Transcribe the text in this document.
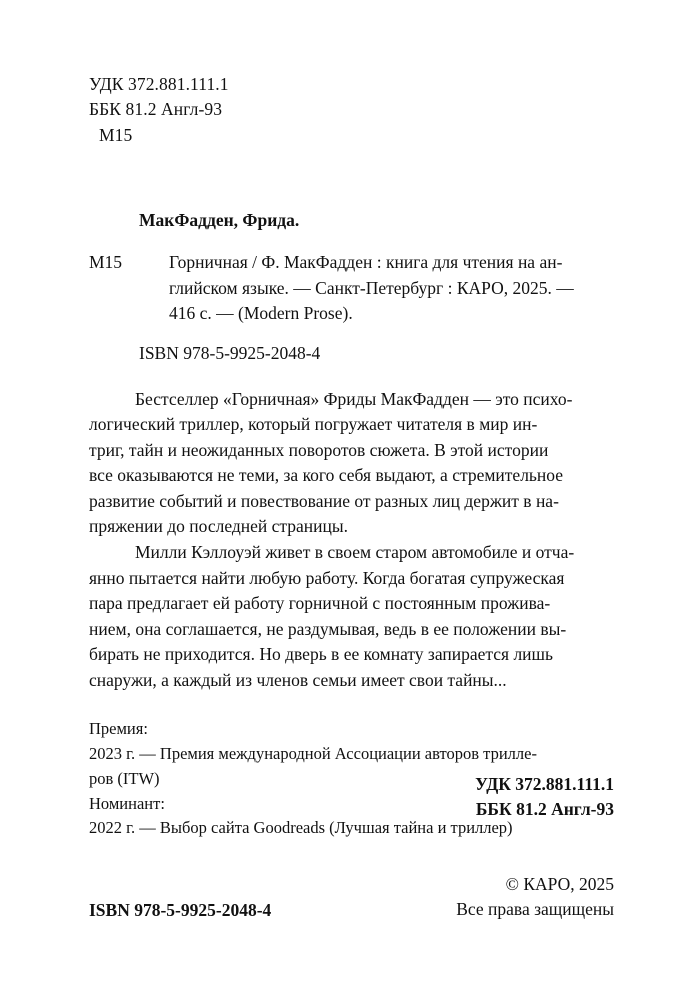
УДК 372.881.111.1
ББК 81.2 Англ-93
М15
МакФадден, Фрида.
М15	Горничная / Ф. МакФадден : книга для чтения на ан-
глийском языке. — Санкт-Петербург : КАРО, 2025. —
416 с. — (Modern Prose).
ISBN 978-5-9925-2048-4

Бестселлер «Горничная» Фриды МакФадден — это психо-
логический триллер, который погружает читателя в мир ин-
триг, тайн и неожиданных поворотов сюжета. В этой истории
все оказываются не теми, за кого себя выдают, а стремительное
развитие событий и повествование от разных лиц держит в на-
пряжении до последней страницы.

Милли Кэллоуэй живет в своем старом автомобиле и отча-
янно пытается найти любую работу. Когда богатая супружеская
пара предлагает ей работу горничной с постоянным прожива-
нием, она соглашается, не раздумывая, ведь в ее положении вы-
бирать не приходится. Но дверь в ее комнату запирается лишь
снаружи, а каждый из членов семьи имеет свои тайны...

Премия:
2023 г. — Премия международной Ассоциации авторов трилле-
ров (ITW)
Номинант:
2022 г. — Выбор сайта Goodreads (Лучшая тайна и триллер)
УДК 372.881.111.1
ББК 81.2 Англ-93
ISBN 978-5-9925-2048-4
© КАРО, 2025
Все права защищены
